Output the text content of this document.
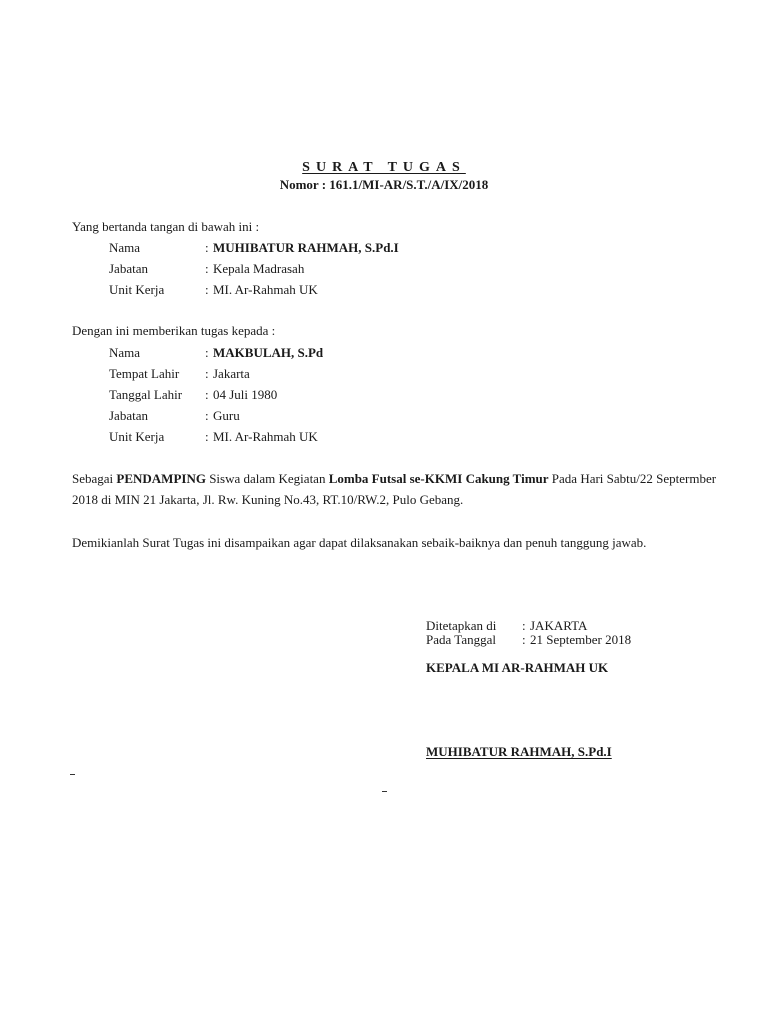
SURAT TUGAS
Nomor : 161.1/MI-AR/S.T./A/IX/2018
Yang bertanda tangan di bawah ini :
Nama	: MUHIBATUR RAHMAH, S.Pd.I
Jabatan	: Kepala Madrasah
Unit Kerja	: MI. Ar-Rahmah UK
Dengan ini memberikan tugas kepada :
Nama	: MAKBULAH, S.Pd
Tempat Lahir : Jakarta
Tanggal Lahir : 04 Juli 1980
Jabatan	: Guru
Unit Kerja	: MI. Ar-Rahmah UK
Sebagai PENDAMPING Siswa dalam Kegiatan Lomba Futsal se-KKMI Cakung Timur Pada Hari Sabtu/22 Septermber 2018 di MIN 21 Jakarta, Jl. Rw. Kuning No.43, RT.10/RW.2, Pulo Gebang.
Demikianlah Surat Tugas ini disampaikan agar dapat dilaksanakan sebaik-baiknya dan penuh tanggung jawab.
Ditetapkan di : JAKARTA
Pada Tanggal : 21 September 2018
KEPALA MI AR-RAHMAH UK
MUHIBATUR RAHMAH, S.Pd.I
